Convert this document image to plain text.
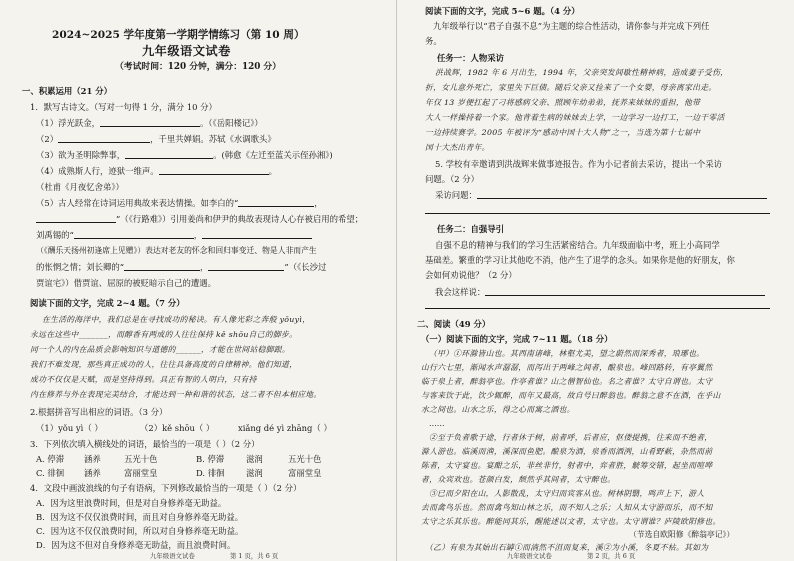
2024~2025 学年度第一学期学情练习（第 10 周）
九年级语文试卷
（考试时间：120 分钟，满分：120 分）
一、积累运用（21 分）
1．默写古诗文。（写对一句得 1 分，满分 10 分）
（1）浮光跃金，	。（《岳阳楼记》）
（2）	，千里共婵娟。苏轼《水调歌头》
（3）欲为圣明除弊事，	。(韩愈《左迁至蓝关示侄孙湘》)
（4）成熟斯人行，迹狱一维声。	。
（杜甫《月夜忆舍弟》）
（5）古人经常在诗词运用典故来表达情操。如李白的“	，
”（《行路难》）引用姜尚和伊尹的典故表现诗人心存被启用的希望；
刘禹锡的“	，
（《酬乐天扬州初逢席上见赠》）表达对老友的怀念和回归事变迁、物是人非而产生
的怅惘之情；刘长卿的“	，	”（《长沙过
贾谊宅》）借贾谊、屈原的被贬暗示自己的遭遇。
阅读下面的文字，完成 2~4 题。（7 分）
在生活的海洋中，我们总是在寻找成功的秘诀。有人像光彩之奔般 yǒuyì，
永远在这些中_______，而醇香有两成的人往往保持 kě shōu自己的脚步。
同一个人的内在品质会影响知识与道德的______，才能在世间站稳脚跟。
我们不难发现，那些真正成功的人，往往具备高度的自律精神。他们知道，
成功不仅仅是天赋，而是坚持得到。具正有智的人明白，只有持
内在修养与外在表现完美结合，才能达到一种和谐的状态，这二者不但本相应地。
2.根据拼音写出相应的词语。（3 分）
（1）yǒu yì（ ）	（2）kě shōu（ ）	xiǎng dé yì zhāng（ ）
3．下列依次填入横线处的词语，最恰当的一项是（ ）（2 分）
A. 停滞 涵养	五光十色	B. 停滞	滋润	五光十色
C. 徘徊 涵养	富丽堂皇	D. 徘徊	滋润	富丽堂皇
4．文段中画波浪线的句子有语病，下列修改最恰当的一项是（ ）（2 分）
A．因为这里浪费时间，但是对自身修养毫无助益。
B．因为这不仅仅浪费时间，而且对自身修养毫无助益。
C．因为这不仅仅浪费时间，所以对自身修养毫无助益。
D．因为这不但对自身修养毫无助益，而且浪费时间。
九年级语文试卷	第 1 页，共 6 页
阅读下面的文字，完成 5~6 题。（4 分）
九年级举行以“君子自强不息”为主题的综合性活动，请你参与并完成下列任
务。
任务一：人物采访
洪战辉，1982 年 6 月出生，1994 年，父亲突发间歇性精神病，造成妻子受伤，
折，女儿意外死亡，家里失下巨债。随后父亲又捡来了一个女婴，母亲离家出走。
年仅 13 岁便扛起了刁将感病父亲、照顾年幼弟弟，抚养来妹妹的重担，他带
大人一样操持着一个家。他背着生病的妹妹去上学，一边学习一边打工，一边干零活
一边持续赛学。2005 年被评为“感动中国十大人物”之一，当选为第十七届中
国十大杰出青年。
5. 学校有幸邀请到洪战辉来做事迹报告。作为小记者前去采访，提出一个采访
问题。（2 分）
采访问题：
任务二：自强导引
自强不息的精神与我们的学习生活紧密结合。九年级面临中考，班上小高同学
基础差。繁重的学习让其他吃不消，他产生了退学的念头。如果你是他的好朋友，你
会如何劝说他？（2 分）
我会这样说：
二、阅读（49 分）
（一）阅读下面的文字，完成 7~11 题。（18 分）
（甲）①环滁皆山也。其西南诸峰，林壑尤美，望之蔚然而深秀者，琅琊也。
山行六七里，渐闻水声潺潺，而泻出于两峰之间者，酿泉也。峰回路转，有亭翼然
临于泉上者，醉翁亭也。作亭者谁？山之僧智仙也。名之者谁？太守自谓也。太守
与客来饮于此，饮少辄醉，而年又最高，故自号曰醉翁也。醉翁之意不在酒，在乎山
水之间也。山水之乐，得之心而寓之酒也。
……
②至于负者歌于途，行者休于树，前者呼，后者应，伛偻提携，往来而不绝者，
滁人游也。临溪而渔，溪深而鱼肥。酿泉为酒，泉香而酒洌，山肴野蔌，杂然而前
陈者，太守宴也。宴酣之乐，非丝非竹，射者中，弈者胜，觥筹交错，起坐而喧哗
者，众宾欢也。苍颜白发，颓然乎其间者，太守醉也。
③已而夕阳在山，人影散乱，太守归而宾客从也。树林阴翳，鸣声上下，游人
去而禽鸟乐也。然而禽鸟知山林之乐，而不知人之乐；人知从太守游而乐，而不知
太守之乐其乐也。醉能同其乐，醒能述以文者，太守也。太守谓谁？庐陵欧阳修也。
（节选自欧阳修《醉翁亭记》）
（乙）有泉为其始出石罅①而淌然不沮而复来，溪②为小溪，冬夏不枯。其如为
九年级语文试卷	第 2 页，共 6 页
